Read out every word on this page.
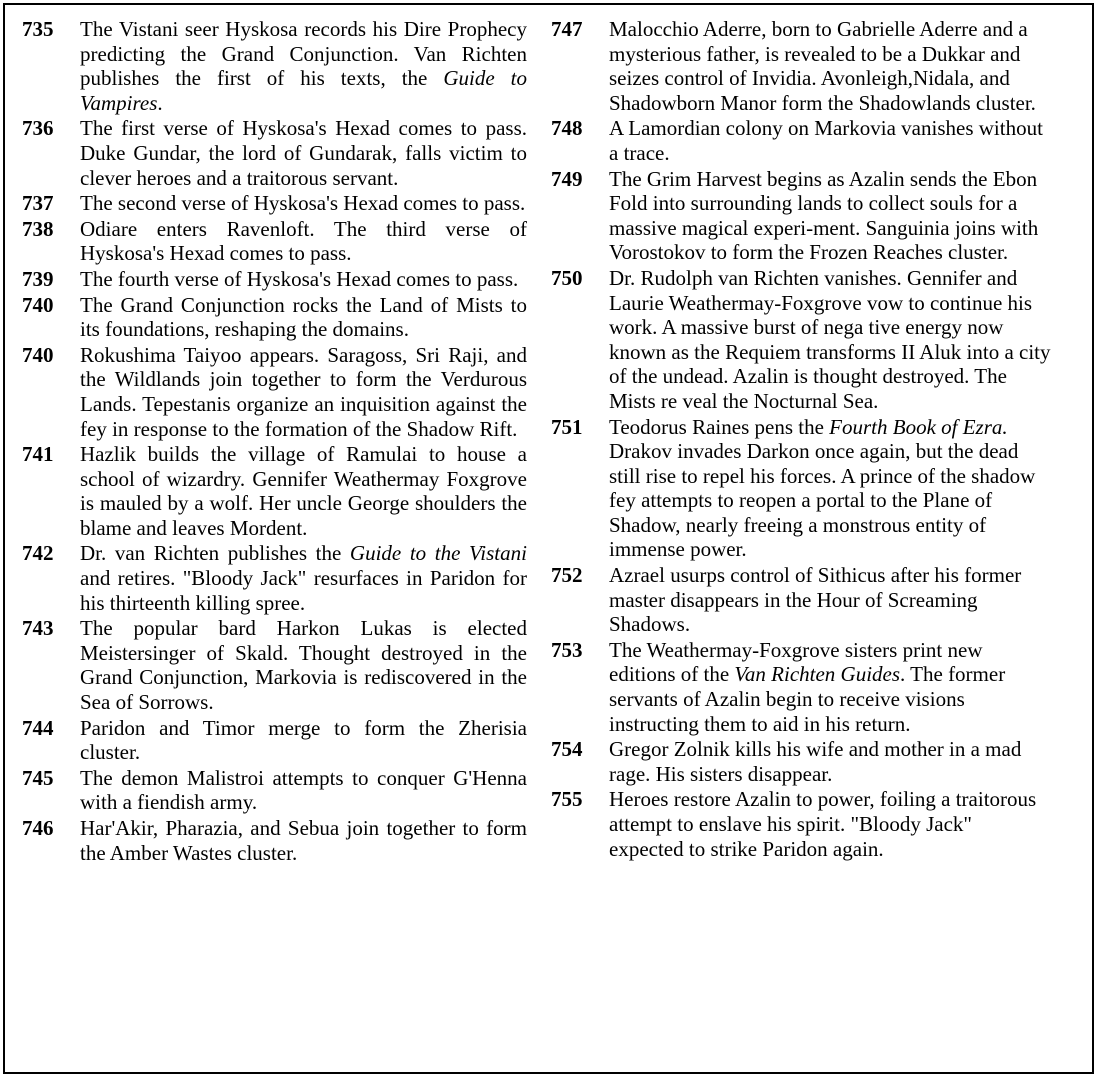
735	The Vistani seer Hyskosa records his Dire Prophecy predicting the Grand Conjunction. Van Richten publishes the first of his texts, the Guide to Vampires.
736	The first verse of Hyskosa's Hexad comes to pass. Duke Gundar, the lord of Gundarak, falls victim to clever heroes and a traitorous servant.
737	The second verse of Hyskosa's Hexad comes to pass.
738	Odiare enters Ravenloft. The third verse of Hyskosa's Hexad comes to pass.
739	The fourth verse of Hyskosa's Hexad comes to pass.
740	The Grand Conjunction rocks the Land of Mists to its foundations, reshaping the domains.
740	Rokushima Taiyoo appears. Saragoss, Sri Raji, and the Wildlands join together to form the Verdurous Lands. Tepestanis organize an inquisition against the fey in response to the formation of the Shadow Rift.
741	Hazlik builds the village of Ramulai to house a school of wizardry. Gennifer Weathermay Foxgrove is mauled by a wolf. Her uncle George shoulders the blame and leaves Mordent.
742	Dr. van Richten publishes the Guide to the Vistani and retires. "Bloody Jack" resurfaces in Paridon for his thirteenth killing spree.
743	The popular bard Harkon Lukas is elected Meistersinger of Skald. Thought destroyed in the Grand Conjunction, Markovia is rediscovered in the Sea of Sorrows.
744	Paridon and Timor merge to form the Zherisia cluster.
745	The demon Malistroi attempts to conquer G'Henna with a fiendish army.
746	Har'Akir, Pharazia, and Sebua join together to form the Amber Wastes cluster.
747	Malocchio Aderre, born to Gabrielle Aderre and a mysterious father, is revealed to be a Dukkar and seizes control of Invidia. Avonleigh,Nidala, and Shadowborn Manor form the Shadowlands cluster.
748	A Lamordian colony on Markovia vanishes without a trace.
749	The Grim Harvest begins as Azalin sends the Ebon Fold into surrounding lands to collect souls for a massive magical experi-ment. Sanguinia joins with Vorostokov to form the Frozen Reaches cluster.
750	Dr. Rudolph van Richten vanishes. Gennifer and Laurie Weathermay-Foxgrove vow to continue his work. A massive burst of nega tive energy now known as the Requiem transforms II Aluk into a city of the undead. Azalin is thought destroyed. The Mists re veal the Nocturnal Sea.
751	Teodorus Raines pens the Fourth Book of Ezra. Drakov invades Darkon once again, but the dead still rise to repel his forces. A prince of the shadow fey attempts to reopen a portal to the Plane of Shadow, nearly freeing a monstrous entity of immense power.
752	Azrael usurps control of Sithicus after his former master disappears in the Hour of Screaming Shadows.
753	The Weathermay-Foxgrove sisters print new editions of the Van Richten Guides. The former servants of Azalin begin to receive visions instructing them to aid in his return.
754	Gregor Zolnik kills his wife and mother in a mad rage. His sisters disappear.
755	Heroes restore Azalin to power, foiling a traitorous attempt to enslave his spirit. "Bloody Jack" expected to strike Paridon again.
